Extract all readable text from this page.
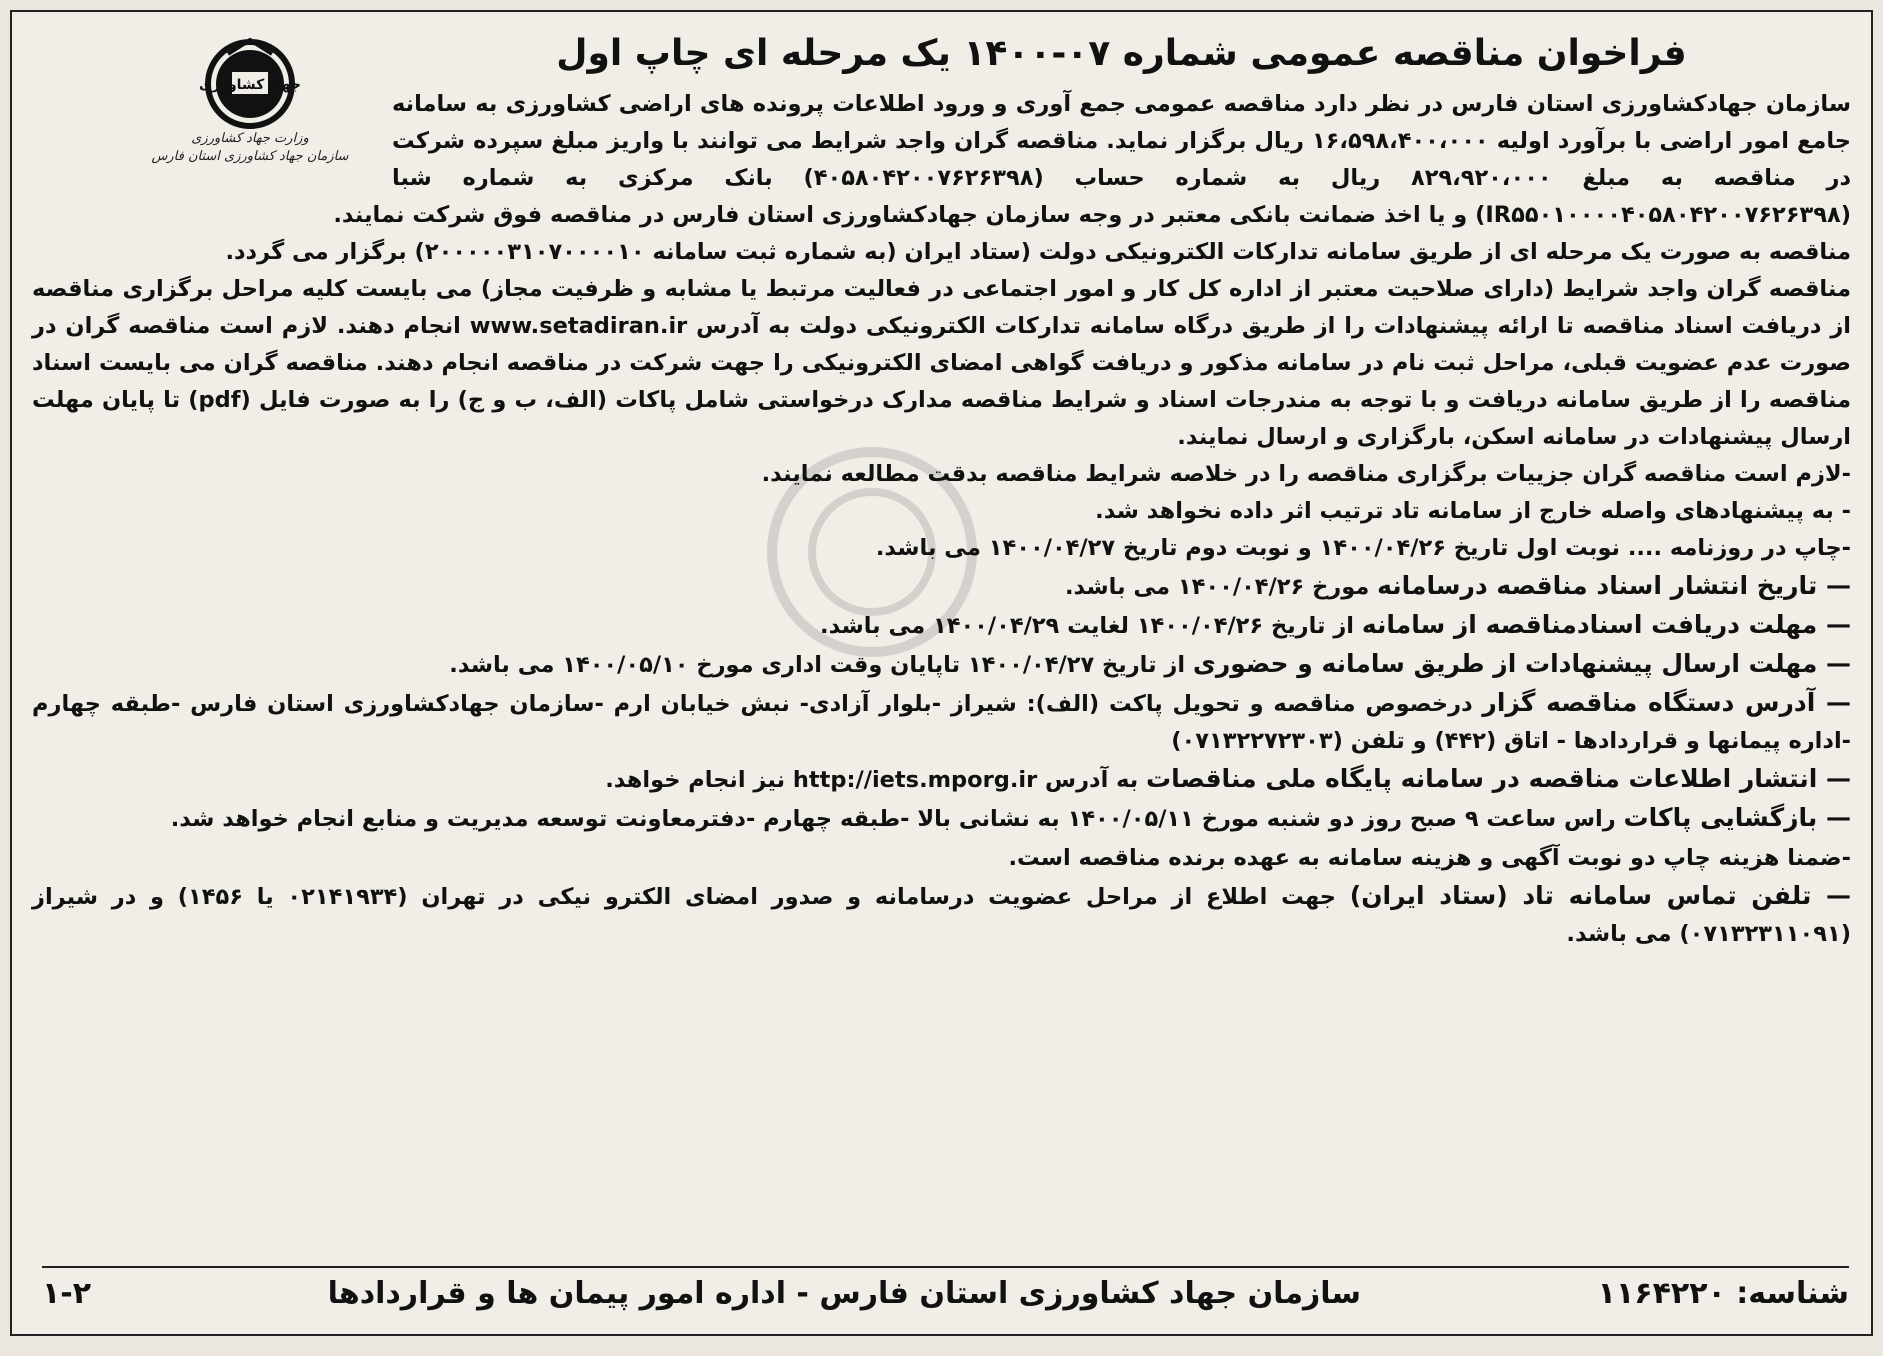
جهاد کشاورزی
وزارت جهاد کشاورزی
سازمان جهاد کشاورزی استان فارس
فراخوان مناقصه عمومی شماره ۰۷-۱۴۰۰ یک مرحله ای چاپ اول

سازمان جهادکشاورزی استان فارس در نظر دارد مناقصه عمومی جمع آوری و ورود اطلاعات پرونده های اراضی کشاورزی به سامانه جامع امور اراضی با برآورد اولیه ۱۶،۵۹۸،۴۰۰،۰۰۰ ریال برگزار نماید. مناقصه گران واجد شرایط می توانند با واریز مبلغ سپرده شرکت در مناقصه به مبلغ ۸۲۹،۹۲۰،۰۰۰ ریال به شماره حساب (۴۰۵۸۰۴۲۰۰۷۶۲۶۳۹۸) بانک مرکزی به شماره شبا (IR۵۵۰۱۰۰۰۰۴۰۵۸۰۴۲۰۰۷۶۲۶۳۹۸) و یا اخذ ضمانت بانکی معتبر در وجه سازمان جهادکشاورزی استان فارس در مناقصه فوق شرکت نمایند.

مناقصه به صورت یک مرحله ای از طریق سامانه تدارکات الکترونیکی دولت (ستاد ایران (به شماره ثبت سامانه ۲۰۰۰۰۰۳۱۰۷۰۰۰۰۱۰) برگزار می گردد.

مناقصه گران واجد شرایط (دارای صلاحیت معتبر از اداره کل کار و امور اجتماعی در فعالیت مرتبط یا مشابه و ظرفیت مجاز) می بایست کلیه مراحل برگزاری مناقصه از دریافت اسناد مناقصه تا ارائه پیشنهادات را از طریق درگاه سامانه تدارکات الکترونیکی دولت به آدرس www.setadiran.ir انجام دهند. لازم است مناقصه گران در صورت عدم عضویت قبلی، مراحل ثبت نام در سامانه مذکور و دریافت گواهی امضای الکترونیکی را جهت شرکت در مناقصه انجام دهند. مناقصه گران می بایست اسناد مناقصه را از طریق سامانه دریافت و با توجه به مندرجات اسناد و شرایط مناقصه مدارک درخواستی شامل پاکات (الف، ب و ج) را به صورت فایل (pdf) تا پایان مهلت ارسال پیشنهادات در سامانه اسکن، بارگزاری و ارسال نمایند.

-لازم است مناقصه گران جزییات برگزاری مناقصه را در خلاصه شرایط مناقصه بدقت مطالعه نمایند.

- به پیشنهادهای واصله خارج از سامانه تاد ترتیب اثر داده نخواهد شد.

-چاپ در روزنامه .... نوبت اول تاریخ ۱۴۰۰/۰۴/۲۶ و نوبت دوم تاریخ ۱۴۰۰/۰۴/۲۷ می باشد.

— تاریخ انتشار اسناد مناقصه درسامانه مورخ ۱۴۰۰/۰۴/۲۶ می باشد.

— مهلت دریافت اسنادمناقصه از سامانه از تاریخ ۱۴۰۰/۰۴/۲۶ لغایت ۱۴۰۰/۰۴/۲۹ می باشد.

— مهلت ارسال پیشنهادات از طریق سامانه و حضوری از تاریخ ۱۴۰۰/۰۴/۲۷ تاپایان وقت اداری مورخ ۱۴۰۰/۰۵/۱۰ می باشد.

— آدرس دستگاه مناقصه گزار درخصوص مناقصه و تحویل پاکت (الف): شیراز -بلوار آزادی- نبش خیابان ارم -سازمان جهادکشاورزی استان فارس -طبقه چهارم -اداره پیمانها و قراردادها - اتاق (۴۴۲) و تلفن (۰۷۱۳۲۲۷۲۳۰۳)

— انتشار اطلاعات مناقصه در سامانه پایگاه ملی مناقصات به آدرس http://iets.mporg.ir نیز انجام خواهد.

— بازگشایی پاکات راس ساعت ۹ صبح روز دو شنبه مورخ ۱۴۰۰/۰۵/۱۱ به نشانی بالا -طبقه چهارم -دفترمعاونت توسعه مدیریت و منابع انجام خواهد شد.

-ضمنا هزینه چاپ دو نوبت آگهی و هزینه سامانه به عهده برنده مناقصه است.

— تلفن تماس سامانه تاد (ستاد ایران) جهت اطلاع از مراحل عضویت درسامانه و صدور امضای الکترو نیکی در تهران (۰۲۱۴۱۹۳۴ یا ۱۴۵۶) و در شیراز (۰۷۱۳۲۳۱۱۰۹۱) می باشد.

شناسه: ۱۱۶۴۲۲۰
سازمان جهاد کشاورزی استان فارس - اداره امور پیمان ها و قراردادها
۱-۲
